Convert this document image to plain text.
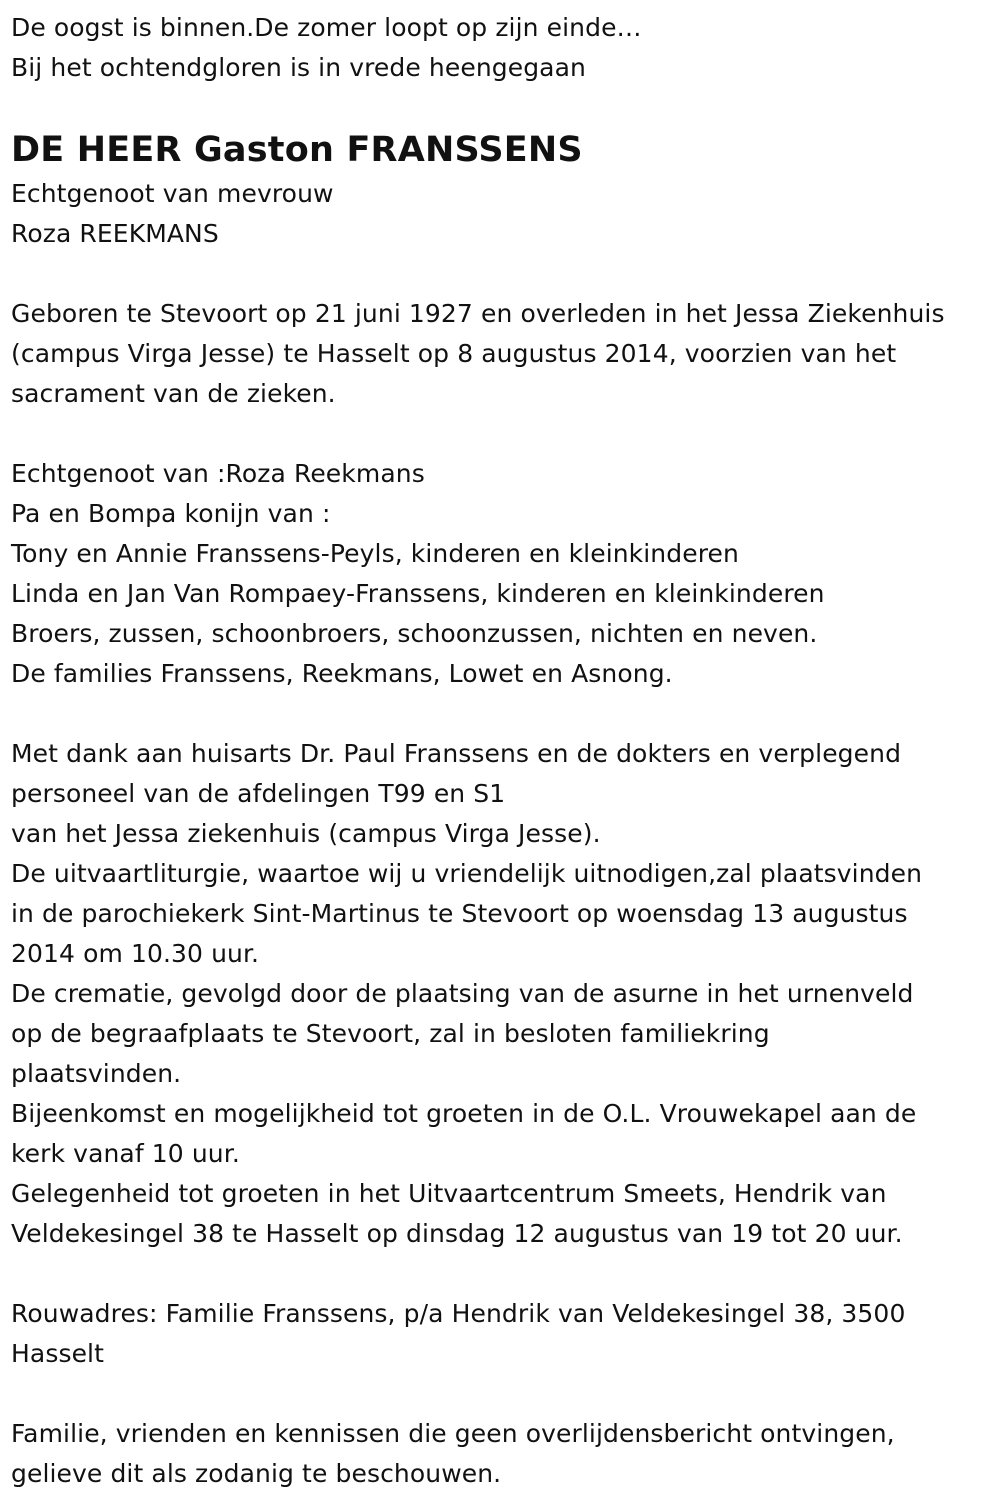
De oogst is binnen.De zomer loopt op zijn einde…
Bij het ochtendgloren is in vrede heengegaan
DE HEER Gaston FRANSSENS
Echtgenoot van mevrouw
Roza REEKMANS
Geboren te Stevoort op 21 juni 1927 en overleden in het Jessa Ziekenhuis
(campus Virga Jesse) te Hasselt op 8 augustus 2014, voorzien van het
sacrament van de zieken.
Echtgenoot van :Roza Reekmans
Pa en Bompa konijn van :
Tony en Annie Franssens-Peyls, kinderen en kleinkinderen
Linda en Jan Van Rompaey-Franssens, kinderen en kleinkinderen
Broers, zussen, schoonbroers, schoonzussen, nichten en neven.
De families Franssens, Reekmans, Lowet en Asnong.
Met dank aan huisarts Dr. Paul Franssens en de dokters en verplegend
personeel van de afdelingen T99 en S1
van het Jessa ziekenhuis (campus Virga Jesse).
De uitvaartliturgie, waartoe wij u vriendelijk uitnodigen,zal plaatsvinden
in de parochiekerk Sint-Martinus te Stevoort op woensdag 13 augustus
2014 om 10.30 uur.
De crematie, gevolgd door de plaatsing van de asurne in het urnenveld
op de begraafplaats te Stevoort, zal in besloten familiekring
plaatsvinden.
Bijeenkomst en mogelijkheid tot groeten in de O.L. Vrouwekapel aan de
kerk vanaf 10 uur.
Gelegenheid tot groeten in het Uitvaartcentrum Smeets, Hendrik van
Veldekesingel 38 te Hasselt op dinsdag 12 augustus van 19 tot 20 uur.
Rouwadres: Familie Franssens, p/a Hendrik van Veldekesingel 38, 3500
Hasselt
Familie, vrienden en kennissen die geen overlijdensbericht ontvingen,
gelieve dit als zodanig te beschouwen.
